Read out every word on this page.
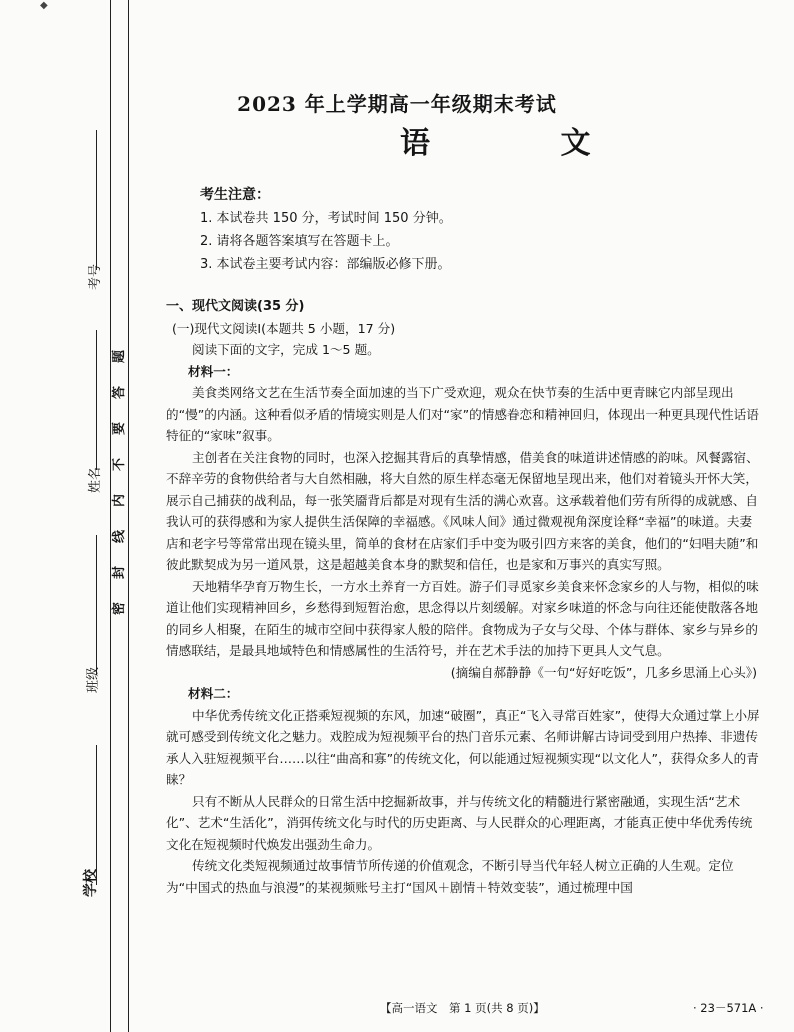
◆
考号
姓名
班级
学校
题
答
要
不
内
线
封
密
2023 年上学期高一年级期末考试
语 文
考生注意：
1. 本试卷共 150 分，考试时间 150 分钟。
2. 请将各题答案填写在答题卡上。
3. 本试卷主要考试内容：部编版必修下册。

一、现代文阅读(35 分)

(一)现代文阅读Ⅰ(本题共 5 小题，17 分)

阅读下面的文字，完成 1～5 题。

材料一：

美食类网络文艺在生活节奏全面加速的当下广受欢迎，观众在快节奏的生活中更青睐它内部呈现出的“慢”的内涵。这种看似矛盾的情境实则是人们对“家”的情感眷恋和精神回归，体现出一种更具现代性话语特征的“家味”叙事。

主创者在关注食物的同时，也深入挖掘其背后的真挚情感，借美食的味道讲述情感的韵味。风餐露宿、不辞辛劳的食物供给者与大自然相融，将大自然的原生样态毫无保留地呈现出来，他们对着镜头开怀大笑，展示自己捕获的战利品，每一张笑靥背后都是对现有生活的满心欢喜。这承载着他们劳有所得的成就感、自我认可的获得感和为家人提供生活保障的幸福感。《风味人间》通过微观视角深度诠释“幸福”的味道。夫妻店和老字号等常常出现在镜头里，简单的食材在店家们手中变为吸引四方来客的美食，他们的“妇唱夫随”和彼此默契成为另一道风景，这是超越美食本身的默契和信任，也是家和万事兴的真实写照。

天地精华孕育万物生长，一方水土养育一方百姓。游子们寻觅家乡美食来怀念家乡的人与物，相似的味道让他们实现精神回乡，乡愁得到短暂治愈，思念得以片刻缓解。对家乡味道的怀念与向往还能使散落各地的同乡人相聚，在陌生的城市空间中获得家人般的陪伴。食物成为子女与父母、个体与群体、家乡与异乡的情感联结，是最具地域特色和情感属性的生活符号，并在艺术手法的加持下更具人文气息。

(摘编自郝静静《一句“好好吃饭”，几多乡思涌上心头》)

材料二：

中华优秀传统文化正搭乘短视频的东风，加速“破圈”，真正“飞入寻常百姓家”，使得大众通过掌上小屏就可感受到传统文化之魅力。戏腔成为短视频平台的热门音乐元素、名师讲解古诗词受到用户热捧、非遗传承人入驻短视频平台……以往“曲高和寡”的传统文化，何以能通过短视频实现“以文化人”，获得众多人的青睐？

只有不断从人民群众的日常生活中挖掘新故事，并与传统文化的精髓进行紧密融通，实现生活“艺术化”、艺术“生活化”，消弭传统文化与时代的历史距离、与人民群众的心理距离，才能真正使中华优秀传统文化在短视频时代焕发出强劲生命力。

传统文化类短视频通过故事情节所传递的价值观念，不断引导当代年轻人树立正确的人生观。定位为“中国式的热血与浪漫”的某视频账号主打“国风＋剧情＋特效变装”，通过梳理中国

【高一语文　第 1 页(共 8 页)】	· 23－571A ·
